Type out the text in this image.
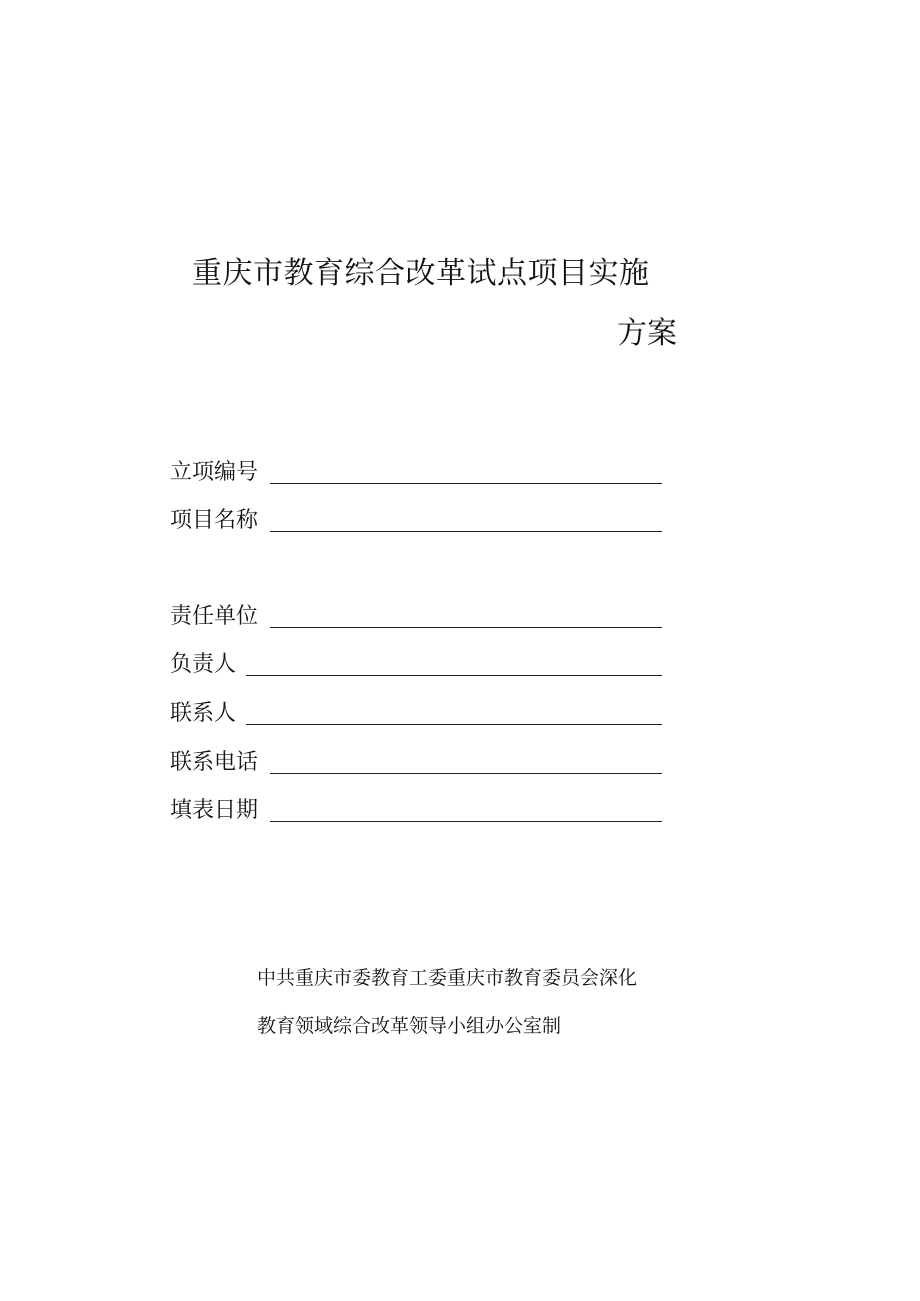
重庆市教育综合改革试点项目实施
方案
立项编号
项目名称
责任单位
负责人
联系人
联系电话
填表日期
中共重庆市委教育工委重庆市教育委员会深化
教育领域综合改革领导小组办公室制
